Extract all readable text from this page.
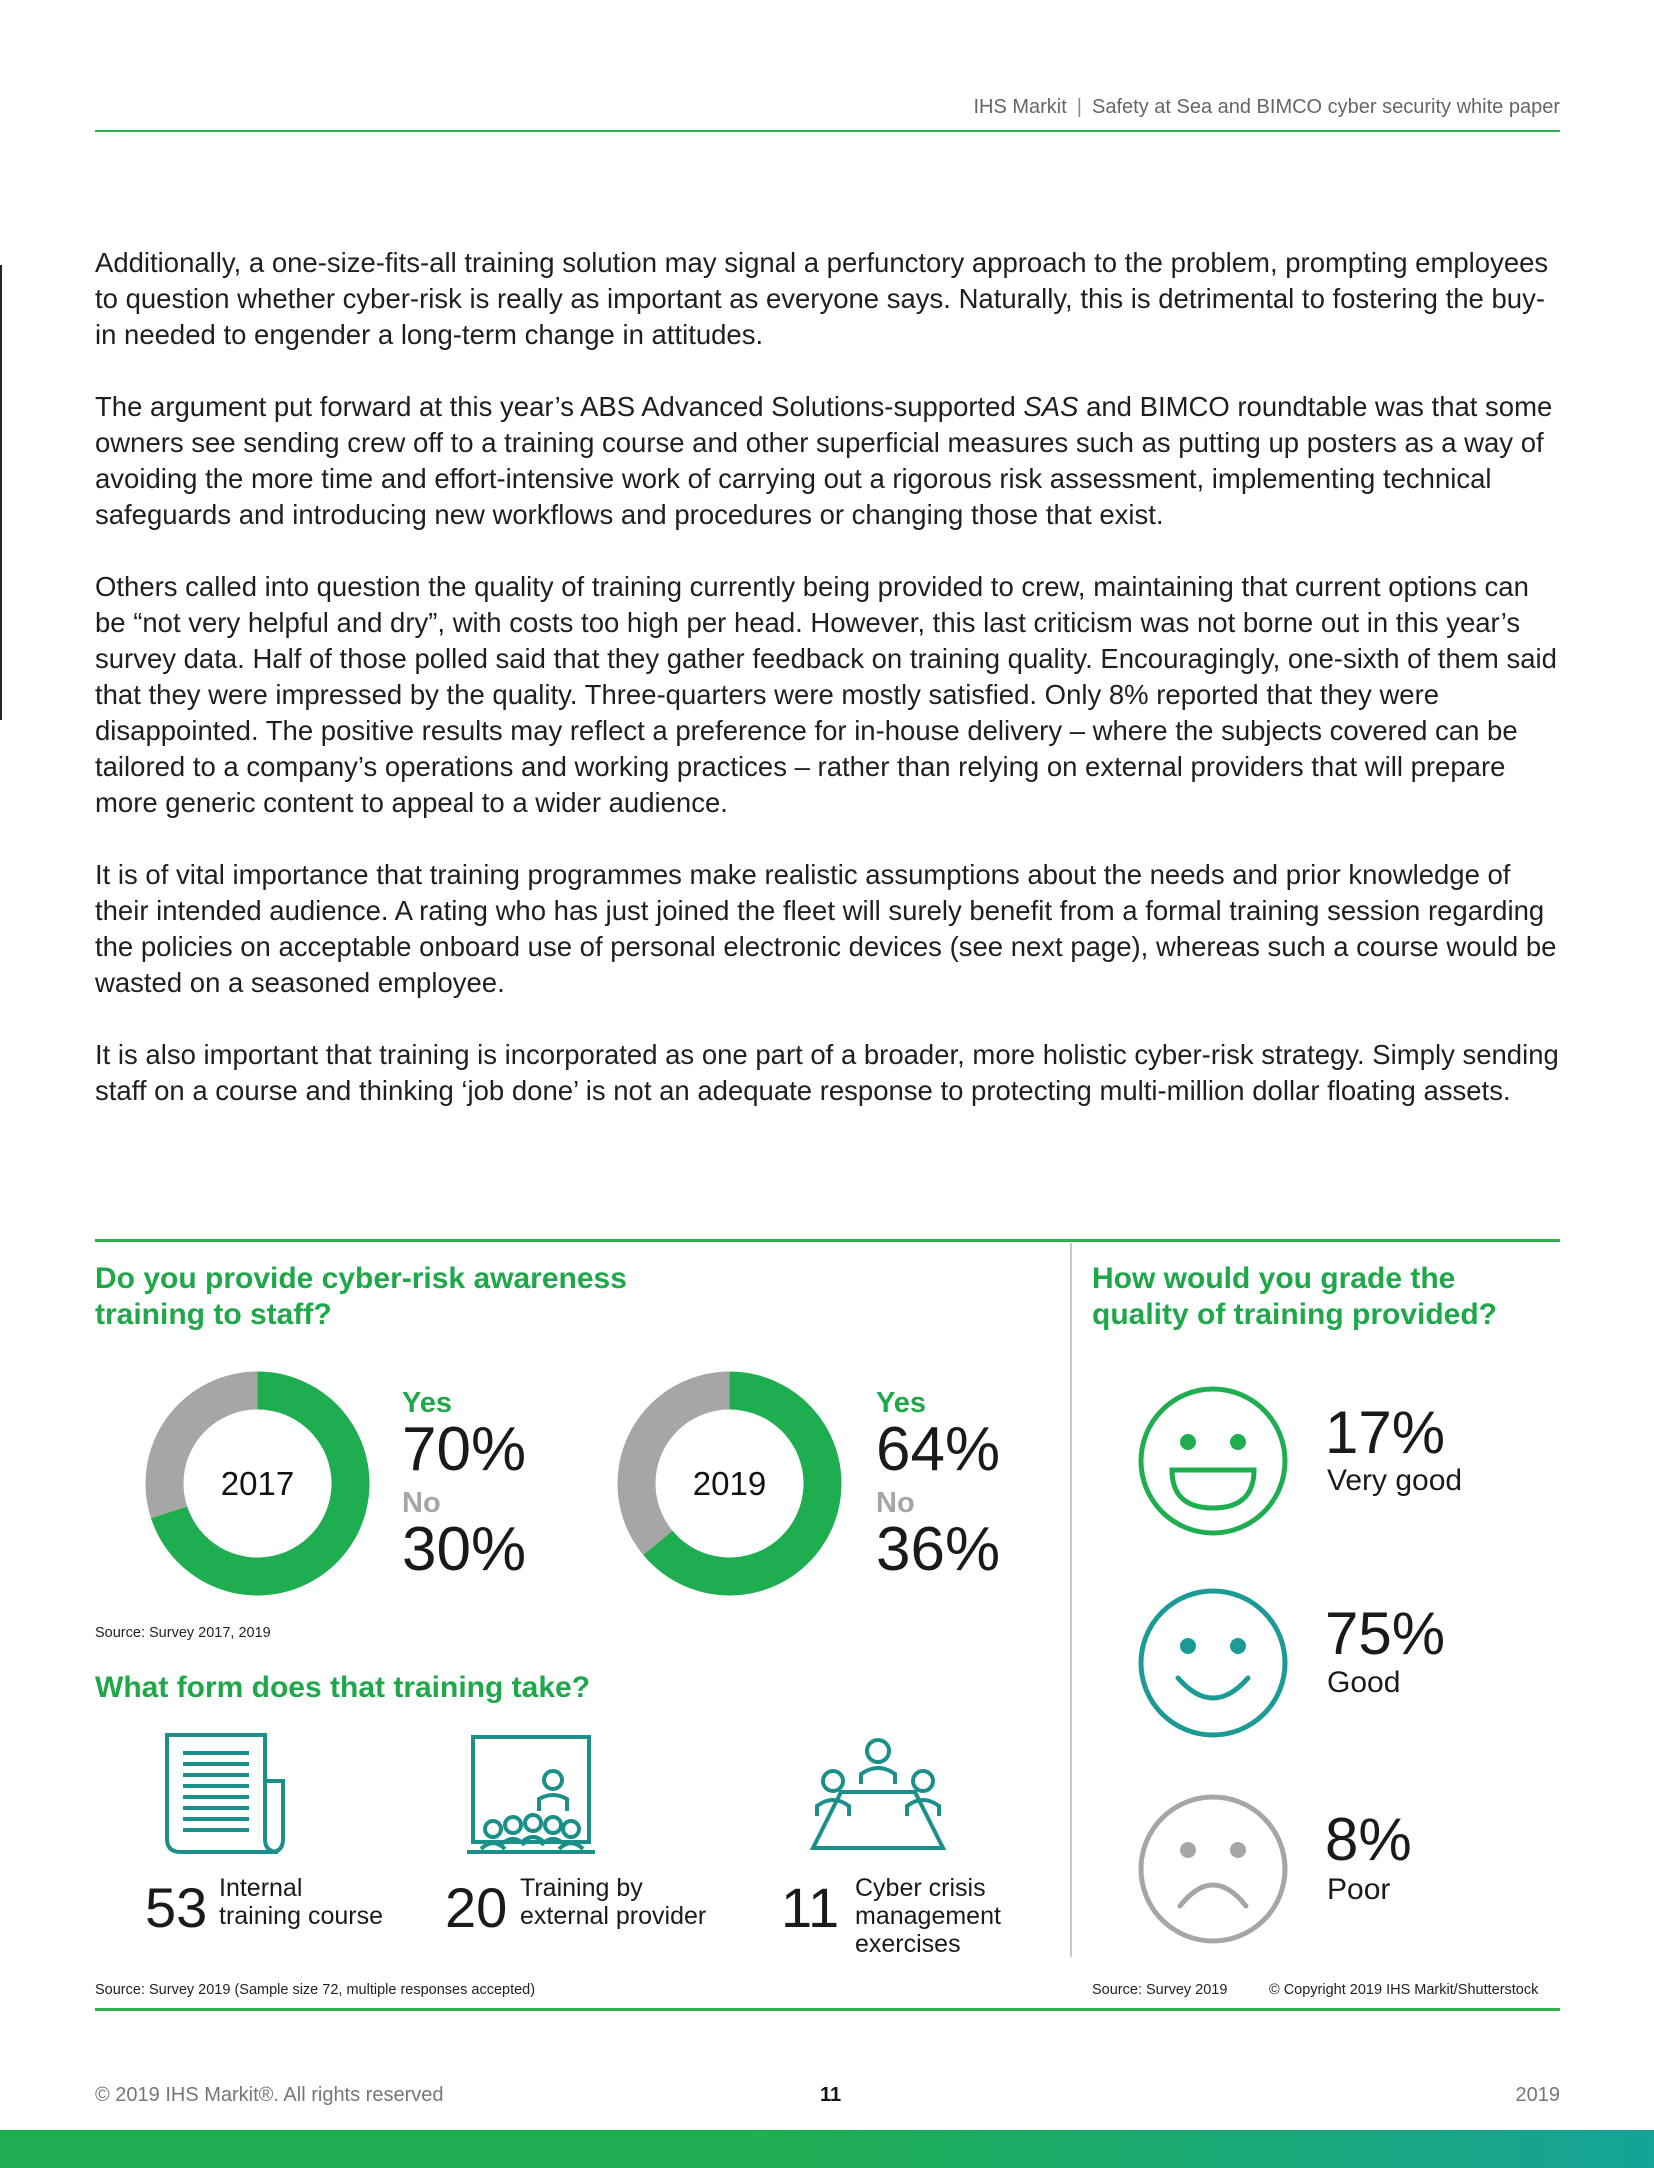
IHS Markit | Safety at Sea and BIMCO cyber security white paper

Additionally, a one-size-fits-all training solution may signal a perfunctory approach to the problem, prompting employees to question whether cyber-risk is really as important as everyone says. Naturally, this is detrimental to fostering the buy-in needed to engender a long-term change in attitudes.

The argument put forward at this year’s ABS Advanced Solutions-supported SAS and BIMCO roundtable was that some owners see sending crew off to a training course and other superficial measures such as putting up posters as a way of avoiding the more time and effort-intensive work of carrying out a rigorous risk assessment, implementing technical safeguards and introducing new workflows and procedures or changing those that exist.

Others called into question the quality of training currently being provided to crew, maintaining that current options can be “not very helpful and dry”, with costs too high per head. However, this last criticism was not borne out in this year’s survey data. Half of those polled said that they gather feedback on training quality. Encouragingly, one-sixth of them said that they were impressed by the quality. Three-quarters were mostly satisfied. Only 8% reported that they were disappointed. The positive results may reflect a preference for in-house delivery – where the subjects covered can be tailored to a company’s operations and working practices – rather than relying on external providers that will prepare more generic content to appeal to a wider audience.

It is of vital importance that training programmes make realistic assumptions about the needs and prior knowledge of their intended audience. A rating who has just joined the fleet will surely benefit from a formal training session regarding the policies on acceptable onboard use of personal electronic devices (see next page), whereas such a course would be wasted on a seasoned employee.

It is also important that training is incorporated as one part of a broader, more holistic cyber-risk strategy. Simply sending staff on a course and thinking ‘job done’ is not an adequate response to protecting multi-million dollar floating assets.

Do you provide cyber-risk awareness
training to staff?
2017
Yes
70%
No
30%
2019
Yes
64%
No
36%
Source: Survey 2017, 2019
What form does that training take?
53 Internal
training course 20 Training by
external provider 11 Cyber crisis
management
exercises
Source: Survey 2019 (Sample size 72, multiple responses accepted)
How would you grade the
quality of training provided?
17%
Very good
75%
Good
8%
Poor
Source: Survey 2019	© Copyright 2019 IHS Markit/Shutterstock
© 2019 IHS Markit®. All rights reserved	11	2019
